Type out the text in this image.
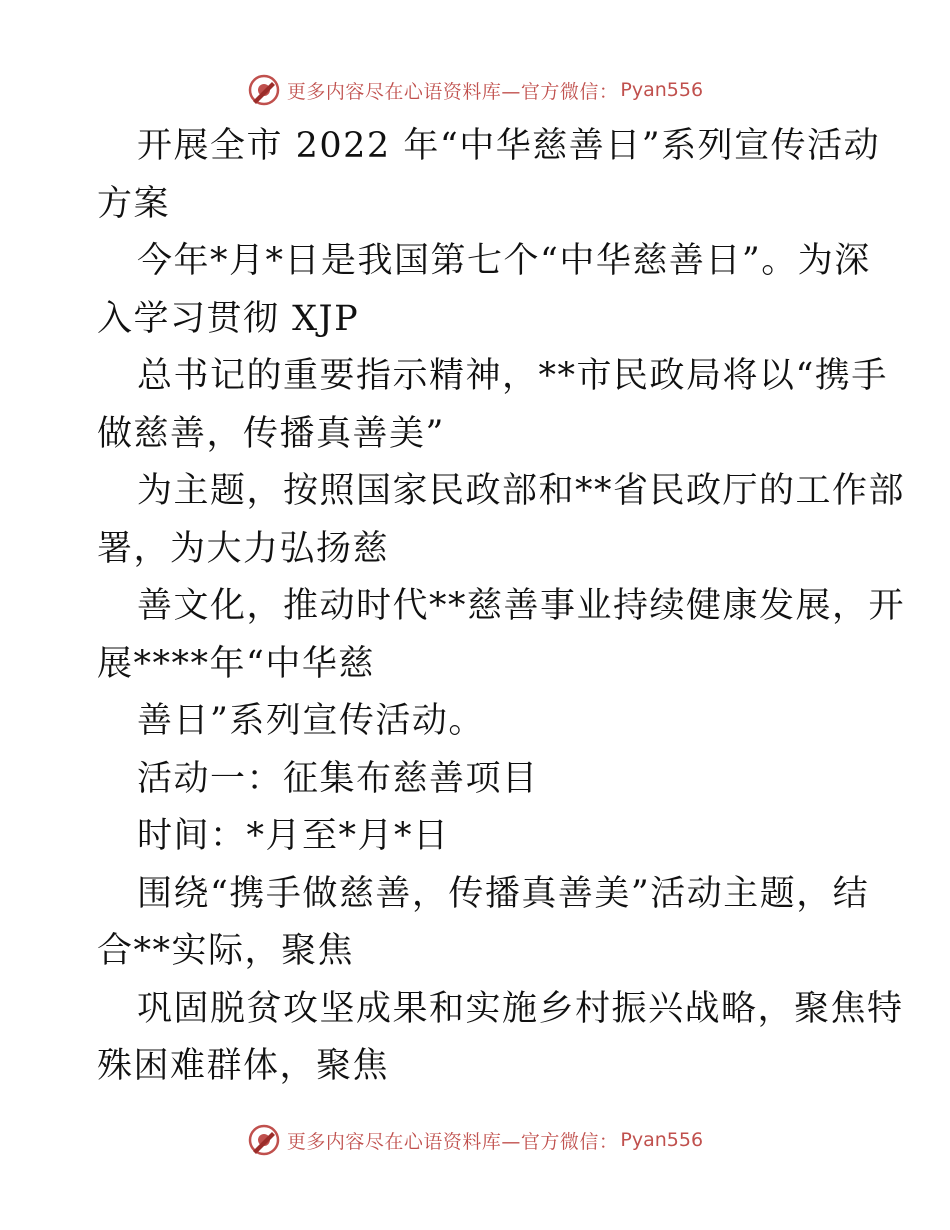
更多内容尽在心语资料库—官方微信： Pyan556
开展全市 2022 年“中华慈善日”系列宣传活动
方案
今年*月*日是我国第七个“中华慈善日”。为深
入学习贯彻 XJP
总书记的重要指示精神，**市民政局将以“携手
做慈善，传播真善美”
为主题，按照国家民政部和**省民政厅的工作部
署，为大力弘扬慈
善文化，推动时代**慈善事业持续健康发展，开
展****年“中华慈
善日”系列宣传活动。
活动一：征集布慈善项目
时间：*月至*月*日
围绕“携手做慈善，传播真善美”活动主题，结
合**实际，聚焦
巩固脱贫攻坚成果和实施乡村振兴战略，聚焦特
殊困难群体，聚焦
更多内容尽在心语资料库—官方微信： Pyan556
